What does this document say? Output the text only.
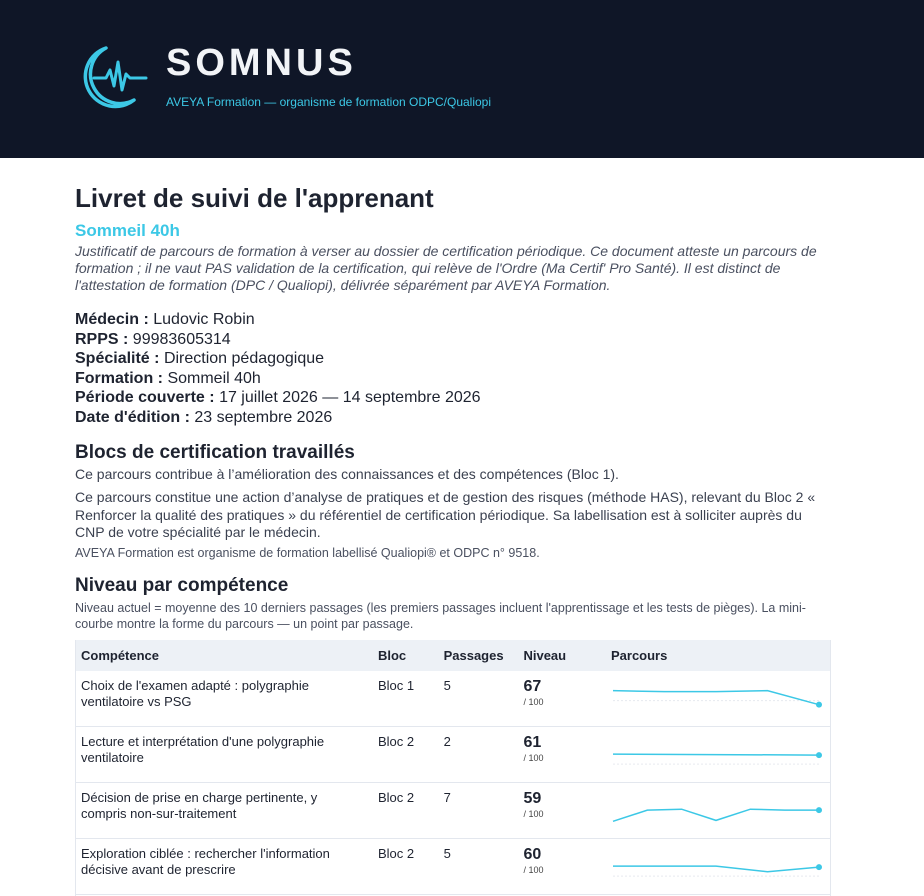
SOMNUS
AVEYA Formation — organisme de formation ODPC/Qualiopi
Livret de suivi de l'apprenant
Sommeil 40h
Justificatif de parcours de formation à verser au dossier de certification périodique. Ce document atteste un parcours de formation ; il ne vaut PAS validation de la certification, qui relève de l'Ordre (Ma Certif' Pro Santé). Il est distinct de l'attestation de formation (DPC / Qualiopi), délivrée séparément par AVEYA Formation.
Médecin : Ludovic Robin
RPPS : 99983605314
Spécialité : Direction pédagogique
Formation : Sommeil 40h
Période couverte : 17 juillet 2026 — 14 septembre 2026
Date d'édition : 23 septembre 2026
Blocs de certification travaillés
Ce parcours contribue à l’amélioration des connaissances et des compétences (Bloc 1).
Ce parcours constitue une action d’analyse de pratiques et de gestion des risques (méthode HAS), relevant du Bloc 2 « Renforcer la qualité des pratiques » du référentiel de certification périodique. Sa labellisation est à solliciter auprès du CNP de votre spécialité par le médecin.
AVEYA Formation est organisme de formation labellisé Qualiopi® et ODPC n° 9518.
Niveau par compétence
Niveau actuel = moyenne des 10 derniers passages (les premiers passages incluent l'apprentissage et les tests de pièges). La mini-courbe montre la forme du parcours — un point par passage.
Compétence	Bloc	Passages	Niveau	Parcours
Choix de l'examen adapté : polygraphie ventilatoire vs PSG	Bloc 1	5	67
/ 100

Lecture et interprétation d'une polygraphie ventilatoire	Bloc 2	2	61
/ 100

Décision de prise en charge pertinente, y compris non-sur-traitement	Bloc 2	7	59
/ 100

Exploration ciblée : rechercher l'information décisive avant de prescrire	Bloc 2	5	60
/ 100
